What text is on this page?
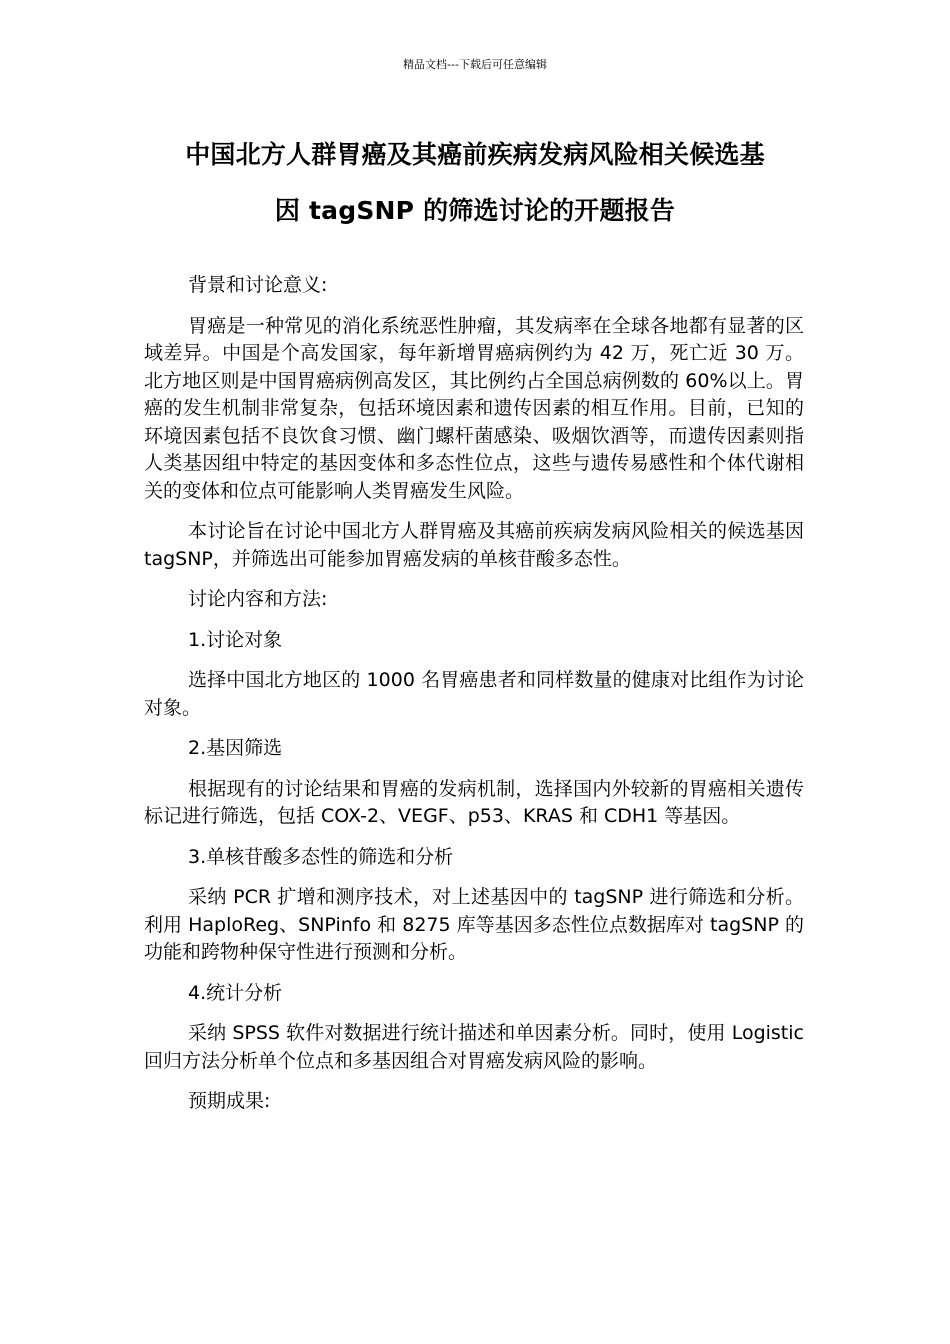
精品文档---下载后可任意编辑
中国北方人群胃癌及其癌前疾病发病风险相关候选基
因 tagSNP 的筛选讨论的开题报告

背景和讨论意义:

胃癌是一种常见的消化系统恶性肿瘤，其发病率在全球各地都有显著的区域差异。中国是个高发国家，每年新增胃癌病例约为 42 万，死亡近 30 万。北方地区则是中国胃癌病例高发区，其比例约占全国总病例数的 60%以上。胃癌的发生机制非常复杂，包括环境因素和遗传因素的相互作用。目前，已知的环境因素包括不良饮食习惯、幽门螺杆菌感染、吸烟饮酒等，而遗传因素则指人类基因组中特定的基因变体和多态性位点，这些与遗传易感性和个体代谢相关的变体和位点可能影响人类胃癌发生风险。

本讨论旨在讨论中国北方人群胃癌及其癌前疾病发病风险相关的候选基因 tagSNP，并筛选出可能参加胃癌发病的单核苷酸多态性。

讨论内容和方法:

1.讨论对象

选择中国北方地区的 1000 名胃癌患者和同样数量的健康对比组作为讨论对象。

2.基因筛选

根据现有的讨论结果和胃癌的发病机制，选择国内外较新的胃癌相关遗传标记进行筛选，包括 COX-2、VEGF、p53、KRAS 和 CDH1 等基因。

3.单核苷酸多态性的筛选和分析

采纳 PCR 扩增和测序技术，对上述基因中的 tagSNP 进行筛选和分析。利用 HaploReg、SNPinfo 和 8275 库等基因多态性位点数据库对 tagSNP 的功能和跨物种保守性进行预测和分析。

4.统计分析

采纳 SPSS 软件对数据进行统计描述和单因素分析。同时，使用 Logistic 回归方法分析单个位点和多基因组合对胃癌发病风险的影响。

预期成果:
